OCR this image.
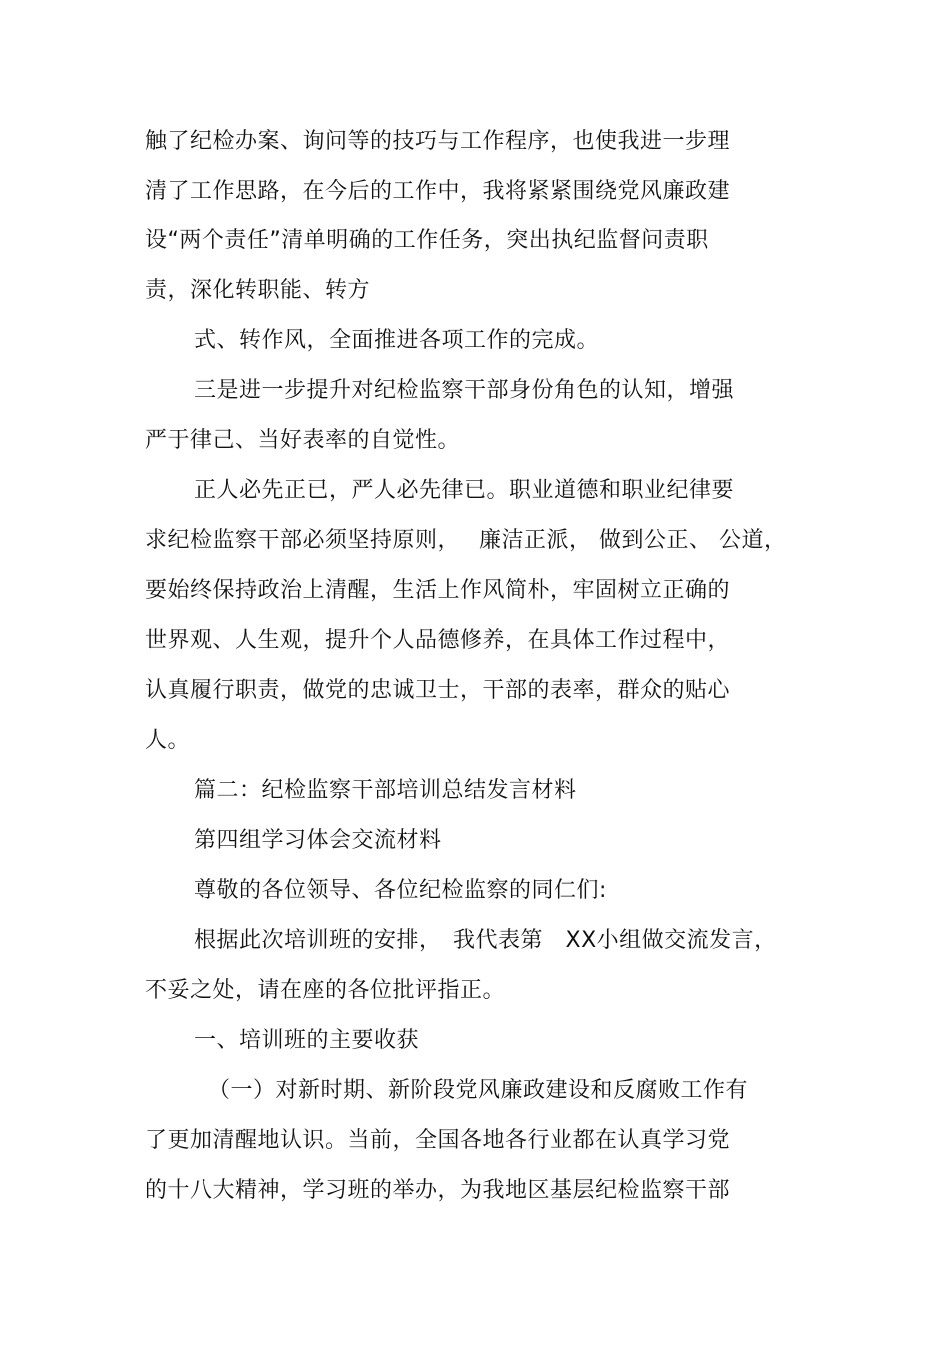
触了纪检办案、询问等的技巧与工作程序，也使我进一步理
清了工作思路，在今后的工作中，我将紧紧围绕党风廉政建
设“两个责任”清单明确的工作任务，突出执纪监督问责职
责，深化转职能、转方
式、转作风，全面推进各项工作的完成。
三是进一步提升对纪检监察干部身份角色的认知，增强
严于律己、当好表率的自觉性。
正人必先正已，严人必先律已。职业道德和职业纪律要
求纪检监察干部必须坚持原则，　 廉洁正派， 做到公正、 公道，
要始终保持政治上清醒，生活上作风简朴，牢固树立正确的
世界观、人生观，提升个人品德修养，在具体工作过程中，
认真履行职责，做党的忠诚卫士，干部的表率，群众的贴心
人。
篇二：纪检监察干部培训总结发言材料
第四组学习体会交流材料
尊敬的各位领导、各位纪检监察的同仁们:
根据此次培训班的安排，　我代表第　XX小组做交流发言，
不妥之处，请在座的各位批评指正。
一、培训班的主要收获
（一）对新时期、新阶段党风廉政建设和反腐败工作有
了更加清醒地认识。当前，全国各地各行业都在认真学习党
的十八大精神，学习班的举办，为我地区基层纪检监察干部
